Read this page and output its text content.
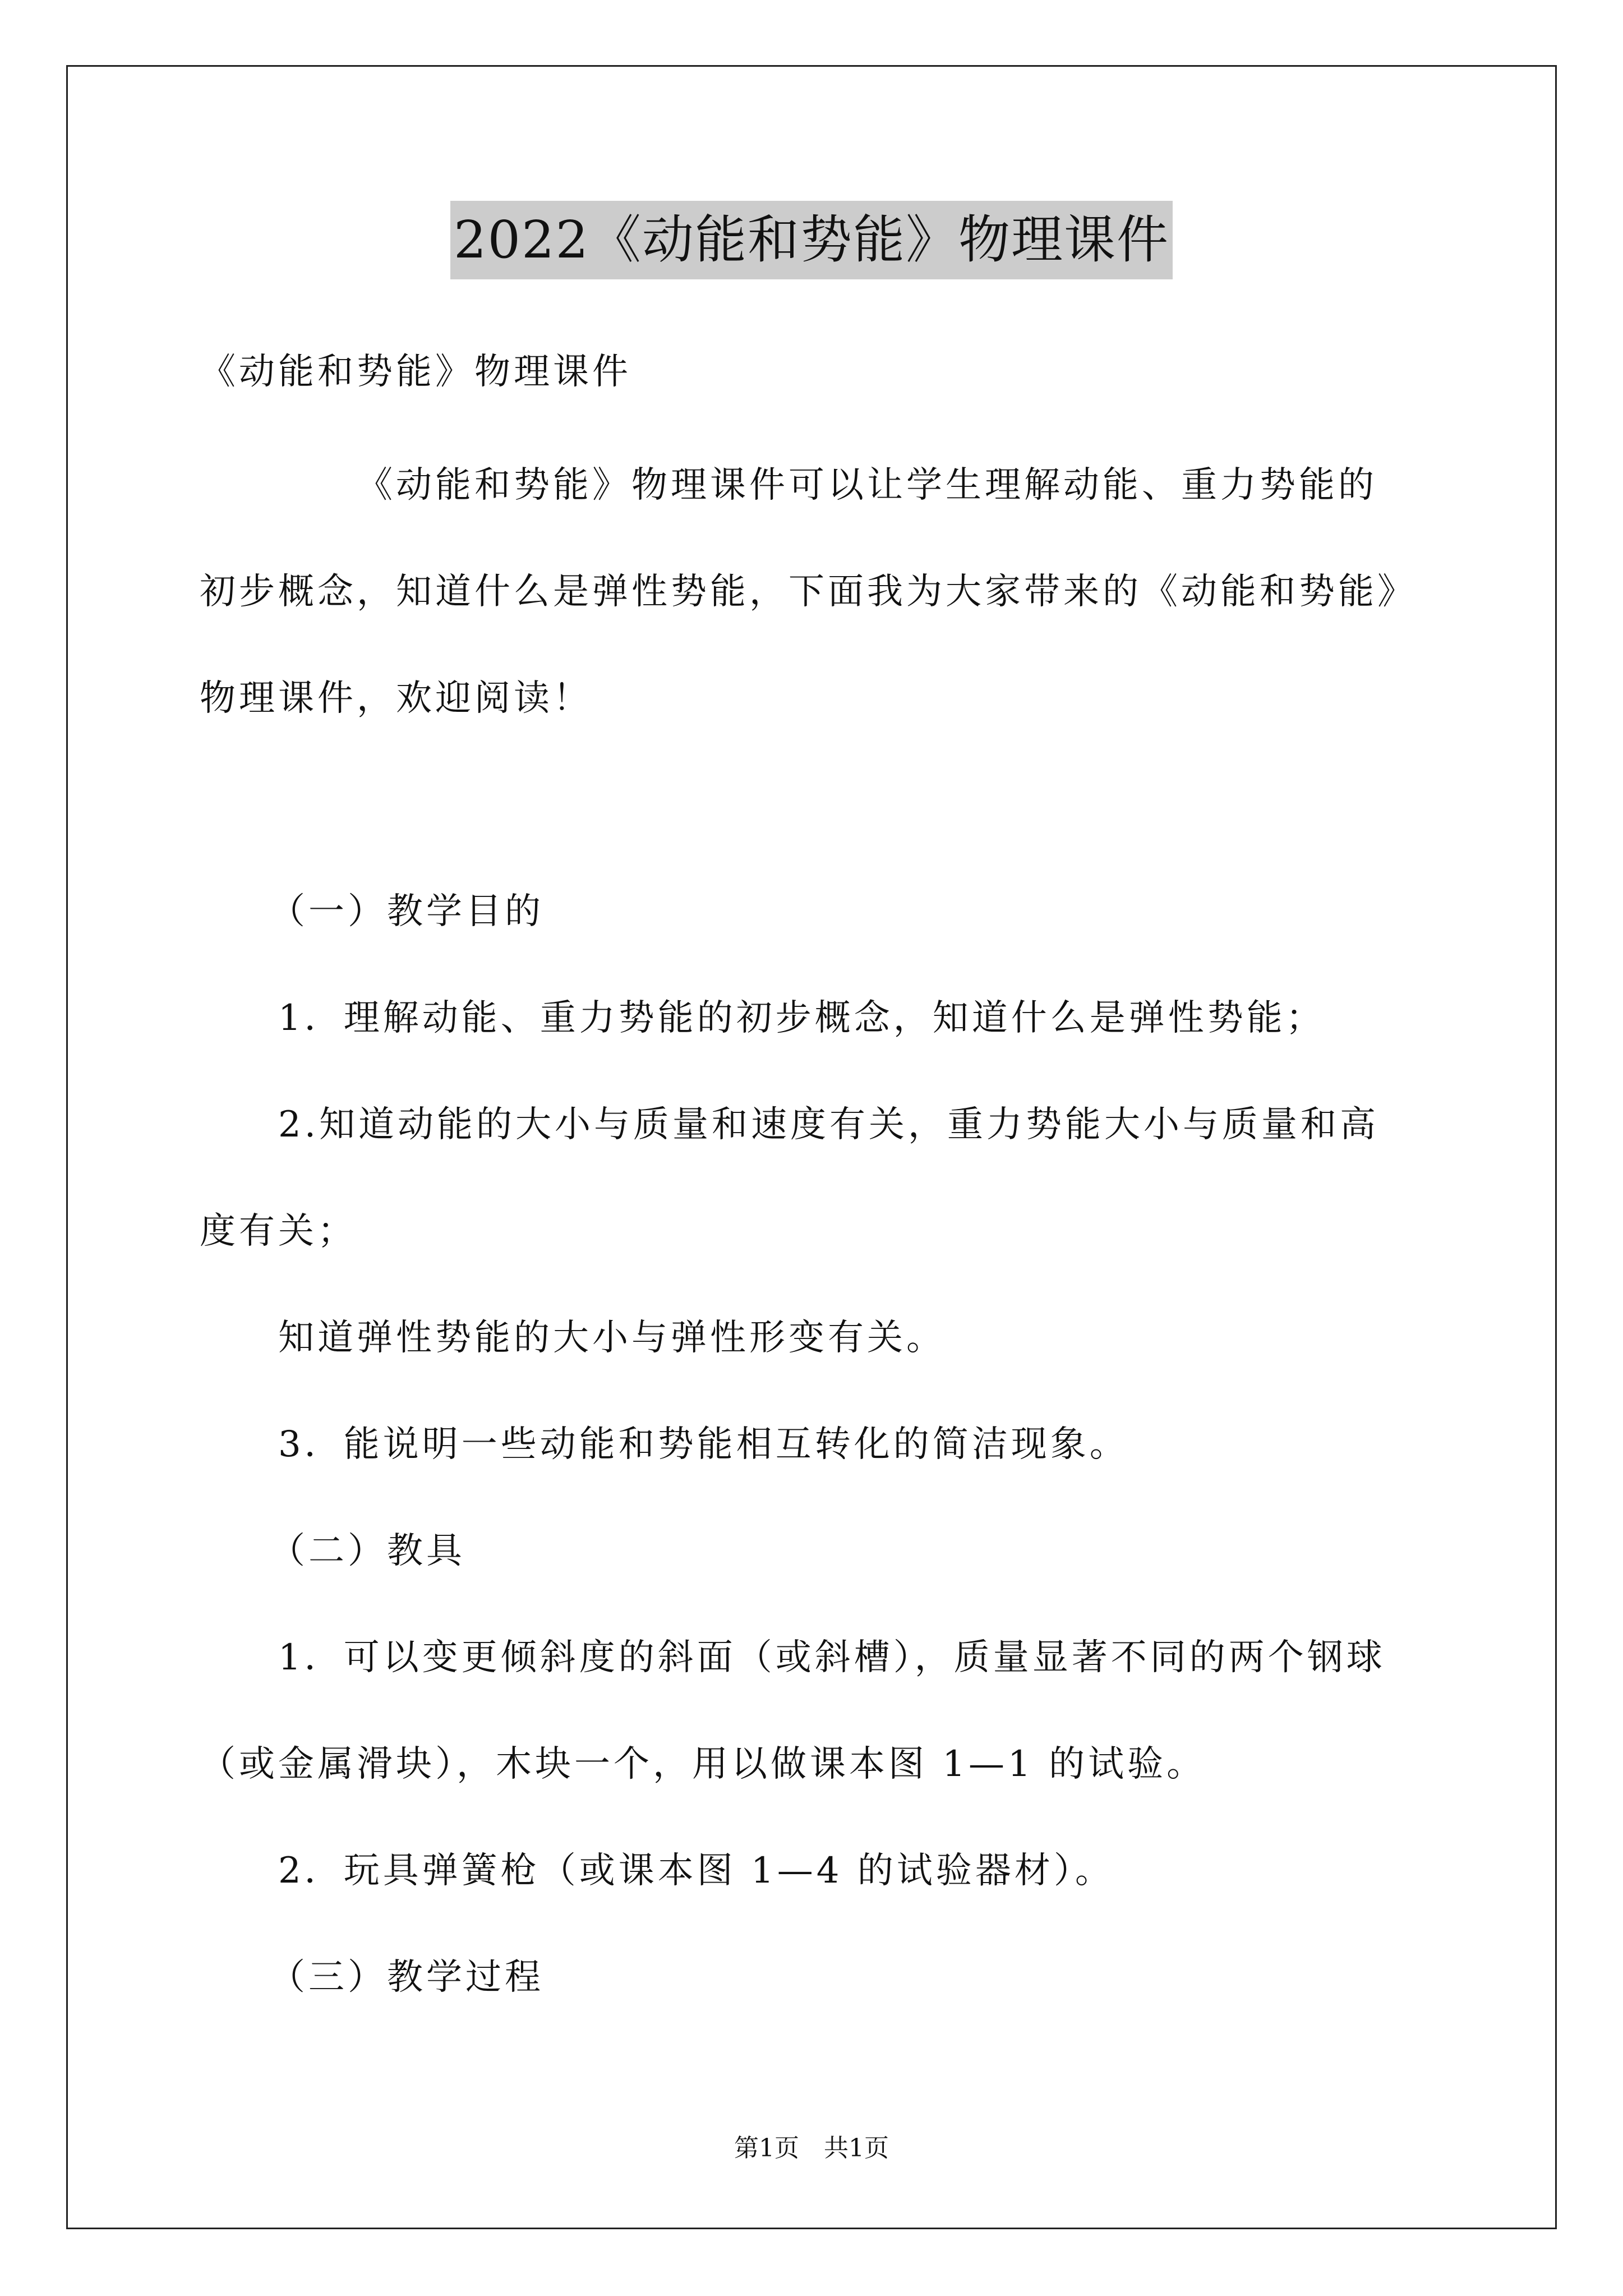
2022《动能和势能》物理课件
《动能和势能》物理课件
《动能和势能》物理课件可以让学生理解动能、重力势能的
初步概念，知道什么是弹性势能，下面我为大家带来的《动能和势能》
物理课件，欢迎阅读！
（一）教学目的
1．理解动能、重力势能的初步概念，知道什么是弹性势能；
2.知道动能的大小与质量和速度有关，重力势能大小与质量和高
度有关；
知道弹性势能的大小与弹性形变有关。
3．能说明一些动能和势能相互转化的简洁现象。
（二）教具
1．可以变更倾斜度的斜面（或斜槽），质量显著不同的两个钢球
（或金属滑块），木块一个，用以做课本图 1—1 的试验。
2．玩具弹簧枪（或课本图 1—4 的试验器材）。
（三）教学过程
第1页　共1页
